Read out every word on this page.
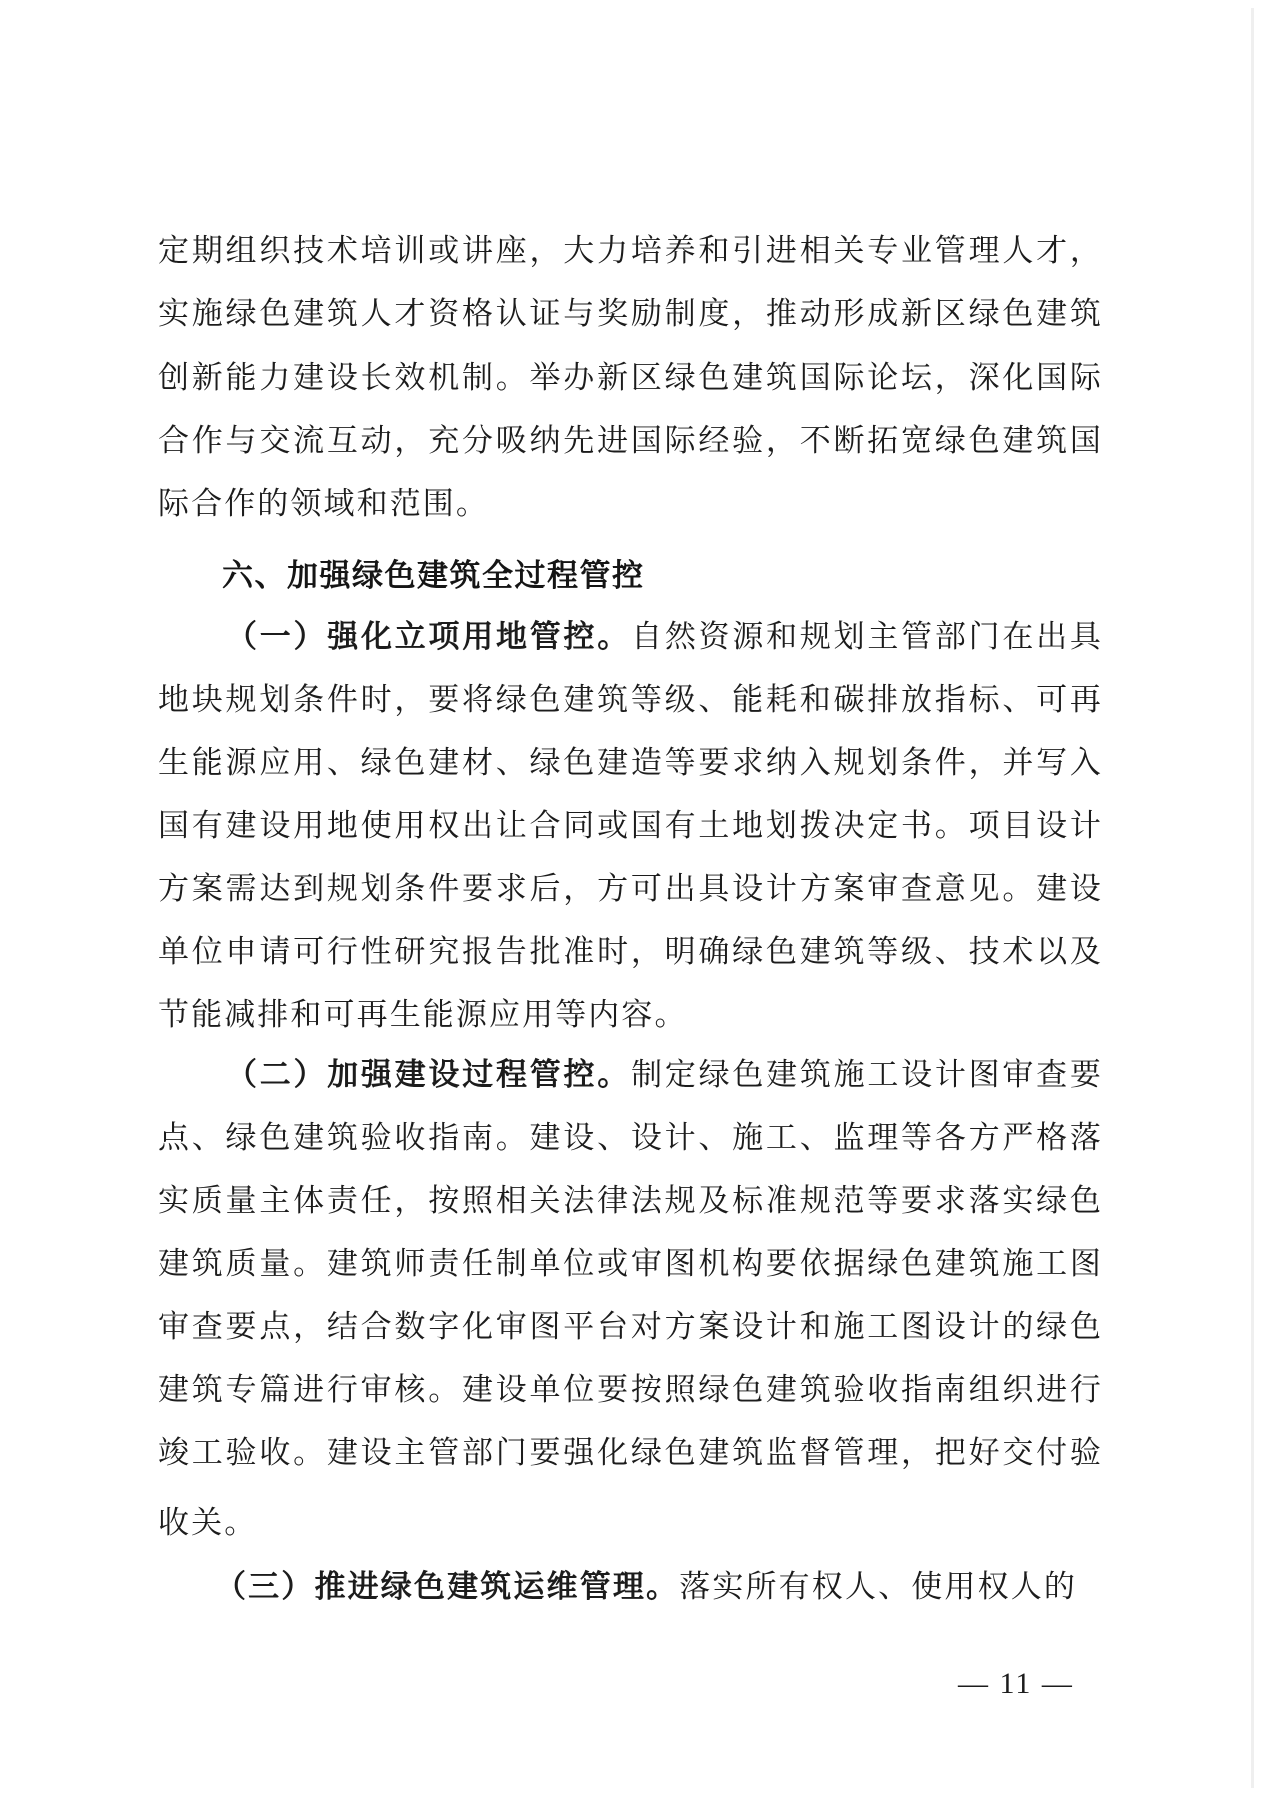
定期组织技术培训或讲座，大力培养和引进相关专业管理人才，
实施绿色建筑人才资格认证与奖励制度，推动形成新区绿色建筑
创新能力建设长效机制。举办新区绿色建筑国际论坛，深化国际
合作与交流互动，充分吸纳先进国际经验，不断拓宽绿色建筑国
际合作的领域和范围。
六、加强绿色建筑全过程管控
（一）强化立项用地管控。自然资源和规划主管部门在出具
地块规划条件时，要将绿色建筑等级、能耗和碳排放指标、可再
生能源应用、绿色建材、绿色建造等要求纳入规划条件，并写入
国有建设用地使用权出让合同或国有土地划拨决定书。项目设计
方案需达到规划条件要求后，方可出具设计方案审查意见。建设
单位申请可行性研究报告批准时，明确绿色建筑等级、技术以及
节能减排和可再生能源应用等内容。
（二）加强建设过程管控。制定绿色建筑施工设计图审查要
点、绿色建筑验收指南。建设、设计、施工、监理等各方严格落
实质量主体责任，按照相关法律法规及标准规范等要求落实绿色
建筑质量。建筑师责任制单位或审图机构要依据绿色建筑施工图
审查要点，结合数字化审图平台对方案设计和施工图设计的绿色
建筑专篇进行审核。建设单位要按照绿色建筑验收指南组织进行
竣工验收。建设主管部门要强化绿色建筑监督管理，把好交付验
收关。
（三）推进绿色建筑运维管理。落实所有权人、使用权人的
— 11 —
